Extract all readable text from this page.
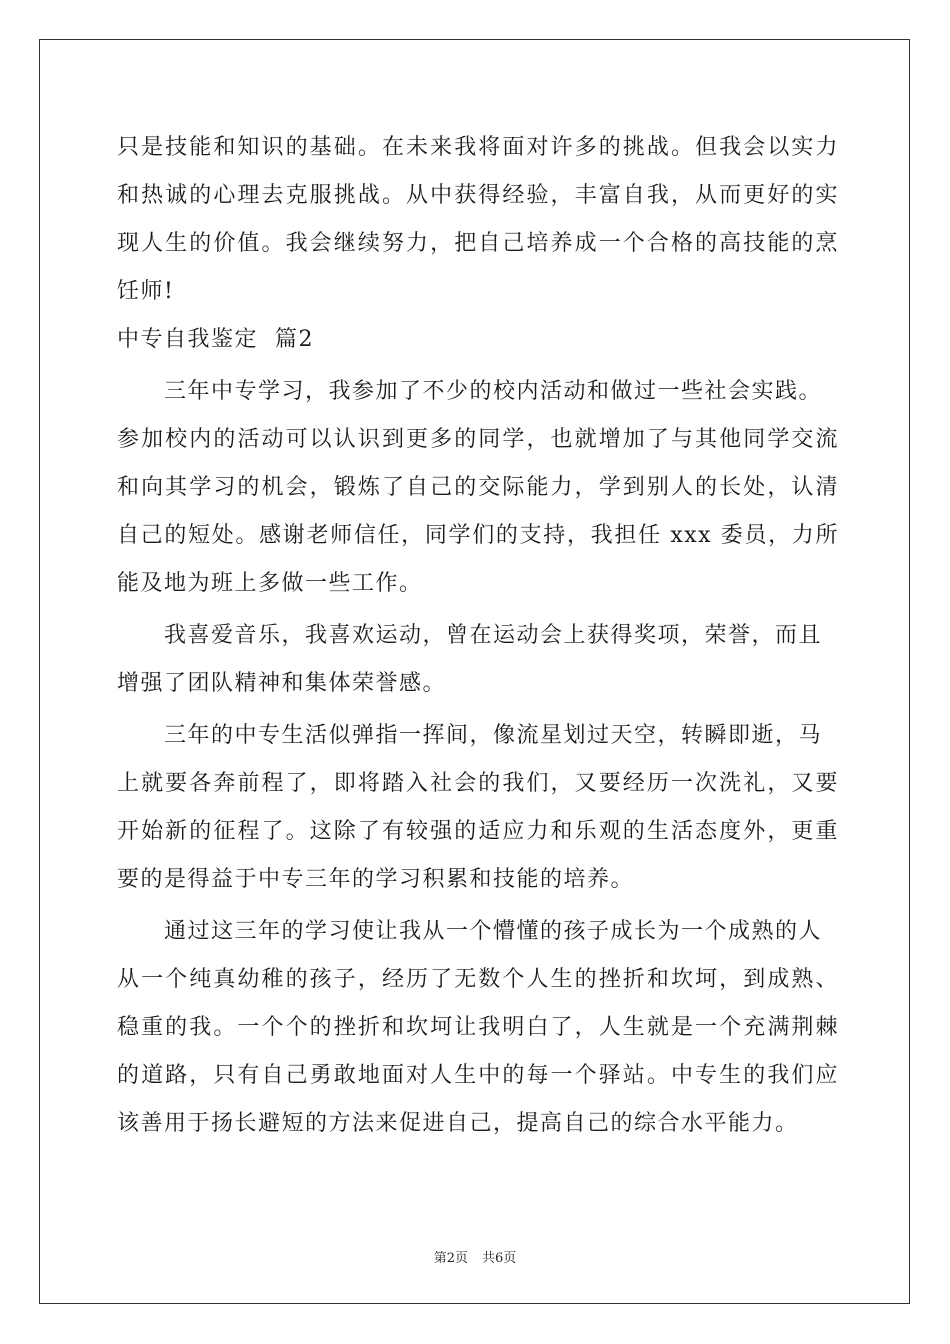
只是技能和知识的基础。在未来我将面对许多的挑战。但我会以实力
和热诚的心理去克服挑战。从中获得经验，丰富自我，从而更好的实
现人生的价值。我会继续努力，把自己培养成一个合格的高技能的烹
饪师!
中专自我鉴定  篇2
三年中专学习，我参加了不少的校内活动和做过一些社会实践。
参加校内的活动可以认识到更多的同学，也就增加了与其他同学交流
和向其学习的机会，锻炼了自己的交际能力，学到别人的长处，认清
自己的短处。感谢老师信任，同学们的支持，我担任 xxx 委员，力所
能及地为班上多做一些工作。
我喜爱音乐，我喜欢运动，曾在运动会上获得奖项，荣誉，而且
增强了团队精神和集体荣誉感。
三年的中专生活似弹指一挥间，像流星划过天空，转瞬即逝，马
上就要各奔前程了，即将踏入社会的我们，又要经历一次洗礼，又要
开始新的征程了。这除了有较强的适应力和乐观的生活态度外，更重
要的是得益于中专三年的学习积累和技能的培养。
通过这三年的学习使让我从一个懵懂的孩子成长为一个成熟的人
从一个纯真幼稚的孩子，经历了无数个人生的挫折和坎坷，到成熟、
稳重的我。一个个的挫折和坎坷让我明白了，人生就是一个充满荆棘
的道路，只有自己勇敢地面对人生中的每一个驿站。中专生的我们应
该善用于扬长避短的方法来促进自己，提高自己的综合水平能力。
第2页 共6页
